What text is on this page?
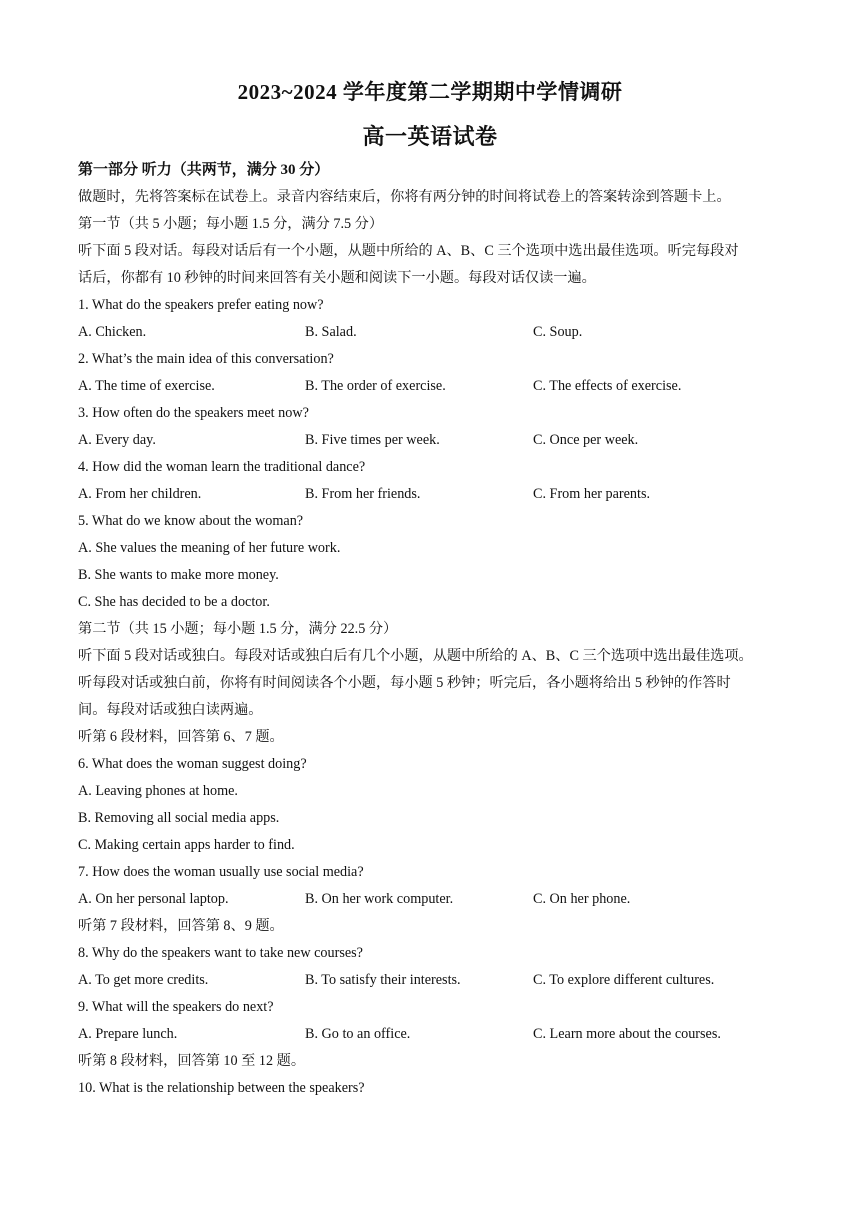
2023~2024 学年度第二学期期中学情调研
高一英语试卷
第一部分 听力（共两节，满分 30 分）
做题时，先将答案标在试卷上。录音内容结束后，你将有两分钟的时间将试卷上的答案转涂到答题卡上。
第一节（共 5 小题；每小题 1.5 分，满分 7.5 分）
听下面 5 段对话。每段对话后有一个小题，从题中所给的 A、B、C 三个选项中选出最佳选项。听完每段对
话后，你都有 10 秒钟的时间来回答有关小题和阅读下一小题。每段对话仅读一遍。
1. What do the speakers prefer eating now?
A. Chicken.	B. Salad.	C. Soup.
2. What’s the main idea of this conversation?
A. The time of exercise.	B. The order of exercise.	C. The effects of exercise.
3. How often do the speakers meet now?
A. Every day.	B. Five times per week.	C. Once per week.
4. How did the woman learn the traditional dance?
A. From her children.	B. From her friends.	C. From her parents.
5. What do we know about the woman?
A. She values the meaning of her future work.
B. She wants to make more money.
C. She has decided to be a doctor.
第二节（共 15 小题；每小题 1.5 分，满分 22.5 分）
听下面 5 段对话或独白。每段对话或独白后有几个小题，从题中所给的 A、B、C 三个选项中选出最佳选项。
听每段对话或独白前，你将有时间阅读各个小题，每小题 5 秒钟；听完后，各小题将给出 5 秒钟的作答时
间。每段对话或独白读两遍。
听第 6 段材料，回答第 6、7 题。
6. What does the woman suggest doing?
A. Leaving phones at home.
B. Removing all social media apps.
C. Making certain apps harder to find.
7. How does the woman usually use social media?
A. On her personal laptop.	B. On her work computer.	C. On her phone.
听第 7 段材料，回答第 8、9 题。
8. Why do the speakers want to take new courses?
A. To get more credits.	B. To satisfy their interests.	C. To explore different cultures.
9. What will the speakers do next?
A. Prepare lunch.	B. Go to an office.	C. Learn more about the courses.
听第 8 段材料，回答第 10 至 12 题。
10. What is the relationship between the speakers?
